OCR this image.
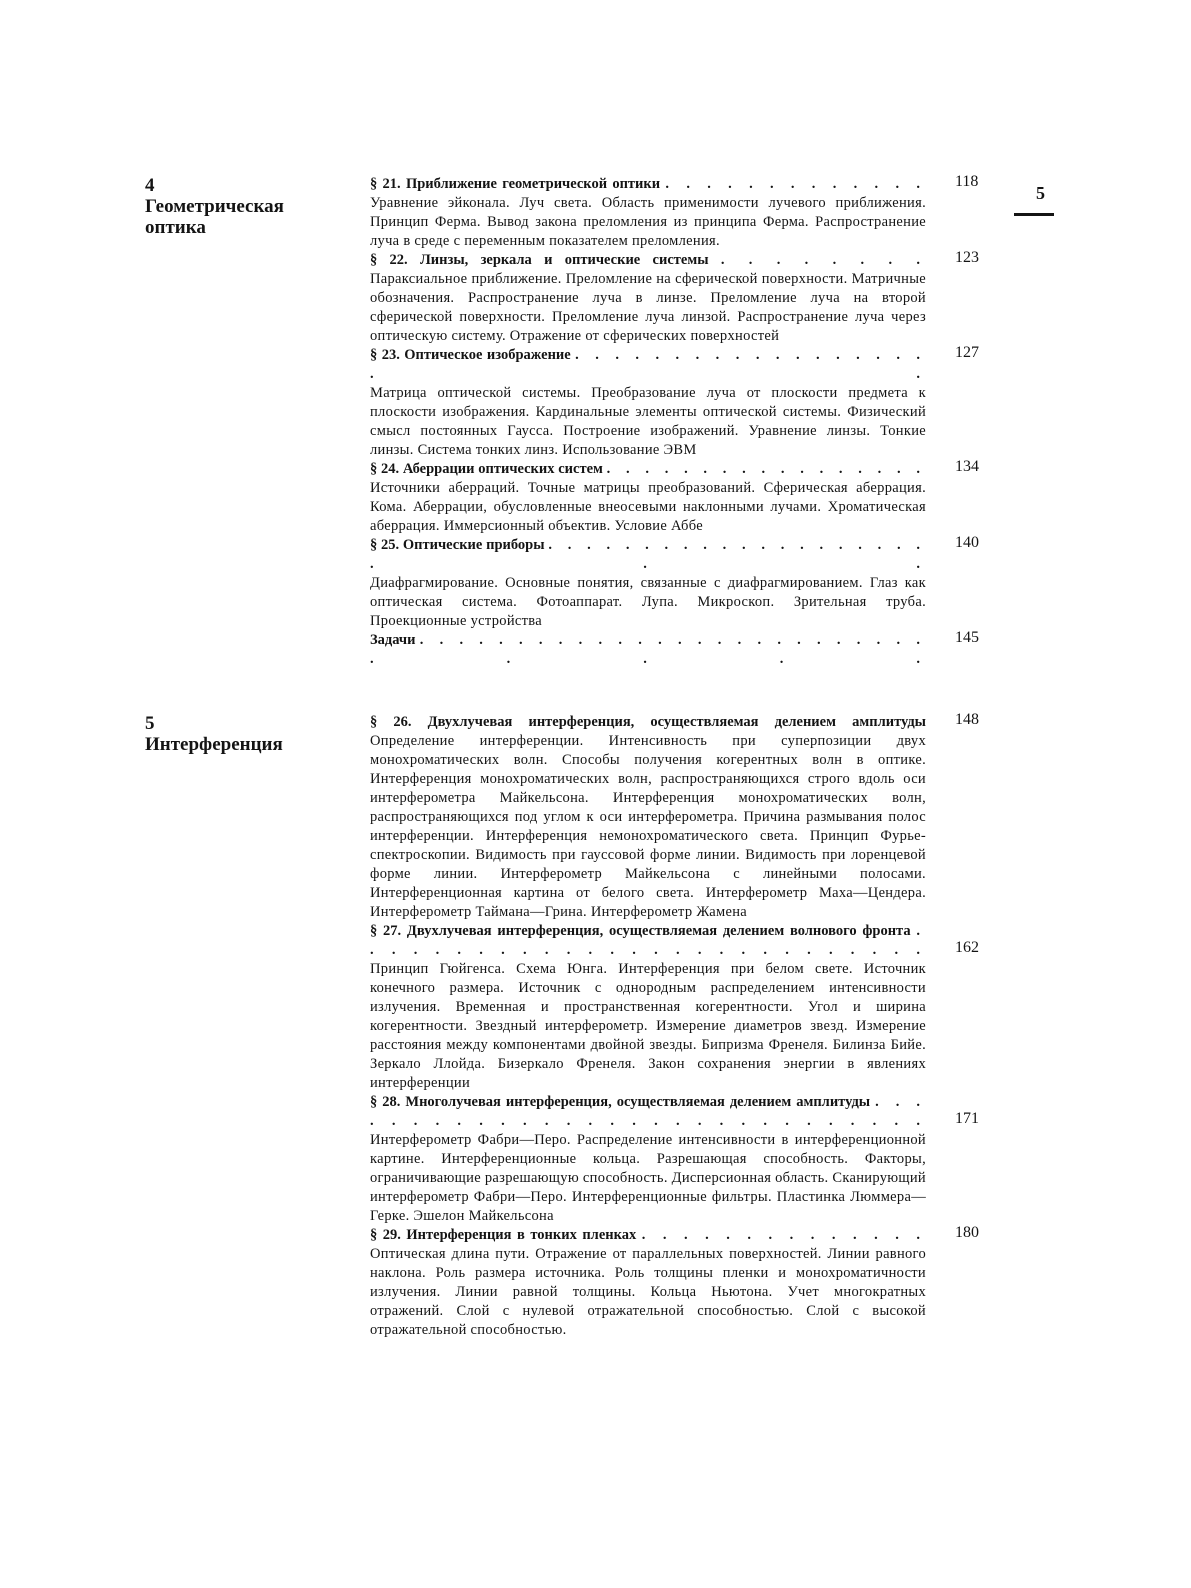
5
4
Геометрическая оптика
§ 21. Приближение геометрической оптики . . . . . . . . . . . . . 118
Уравнение эйконала. Луч света. Область применимости лучевого приближения. Принцип Ферма. Вывод закона преломления из принципа Ферма. Распространение луча в среде с переменным показателем преломления.
§ 22. Линзы, зеркала и оптические системы . . . . . . . . 123
Параксиальное приближение. Преломление на сферической поверхности. Матричные обозначения. Распространение луча в линзе. Преломление луча на второй сферической поверхности. Преломление луча линзой. Распространение луча через оптическую систему. Отражение от сферических поверхностей
§ 23. Оптическое изображение . . . . . . . . . . . . . . . . . . . .
127
Матрица оптической системы. Преобразование луча от плоскости предмета к плоскости изображения. Кардинальные элементы оптической системы. Физический смысл постоянных Гаусса. Построение изображений. Уравнение линзы. Тонкие линзы. Система тонких линз. Использование ЭВМ
§ 24. Аберрации оптических систем . . . . . . . . . . . . . . . . . 134
Источники аберраций. Точные матрицы преобразований. Сферическая аберрация. Кома. Аберрации, обусловленные внеосевыми наклонными лучами. Хроматическая аберрация. Иммерсионный объектив. Условие Аббе
§ 25. Оптические приборы . . . . . . . . . . . . . . . . . . . . . . .
140
Диафрагмирование. Основные понятия, связанные с диафрагмированием. Глаз как оптическая система. Фотоаппарат. Лупа. Микроскоп. Зрительная труба. Проекционные устройства
Задачи . . . . . . . . . . . . . . . . . . . . . . . . . . . . . . .
145
5
Интерференция
§ 26. Двухлучевая интерференция, осуществляемая делением амплитуды 148
Определение интерференции. Интенсивность при суперпозиции двух монохроматических волн. Способы получения когерентных волн в оптике. Интерференция монохроматических волн, распространяющихся строго вдоль оси интерферометра Майкельсона. Интерференция монохроматических волн, распространяющихся под углом к оси интерферометра. Причина размывания полос интерференции. Интерференция немонохроматического света. Принцип Фурье-спектроскопии. Видимость при гауссовой форме линии. Видимость при лоренцевой форме линии. Интерферометр Майкельсона с линейными полосами. Интерференционная картина от белого света. Интерферометр Маха—Цендера. Интерферометр Таймана—Грина. Интерферометр Жамена
§ 27. Двухлучевая интерференция, осуществляемая делением волнового фронта . . . . . . . . . . . . . . . . . . . . . . . . . . . 162
Принцип Гюйгенса. Схема Юнга. Интерференция при белом свете. Источник конечного размера. Источник с однородным распределением интенсивности излучения. Временная и пространственная когерентности. Угол и ширина когерентности. Звездный интерферометр. Измерение диаметров звезд. Измерение расстояния между компонентами двойной звезды. Бипризма Френеля. Билинза Бийе. Зеркало Ллойда. Бизеркало Френеля. Закон сохранения энергии в явлениях интерференции
§ 28. Многолучевая интерференция, осуществляемая делением амплитуды . . . . . . . . . . . . . . . . . . . . . . . . . . . . . 171
Интерферометр Фабри—Перо. Распределение интенсивности в интерференционной картине. Интерференционные кольца. Разрешающая способность. Факторы, ограничивающие разрешающую способность. Дисперсионная область. Сканирующий интерферометр Фабри—Перо. Интерференционные фильтры. Пластинка Люммера—Герке. Эшелон Майкельсона
§ 29. Интерференция в тонких пленках . . . . . . . . . . . . . . 180
Оптическая длина пути. Отражение от параллельных поверхностей. Линии равного наклона. Роль размера источника. Роль толщины пленки и монохроматичности излучения. Линии равной толщины. Кольца Ньютона. Учет многократных отражений. Слой с нулевой отражательной способностью. Слой с высокой отражательной способностью.
